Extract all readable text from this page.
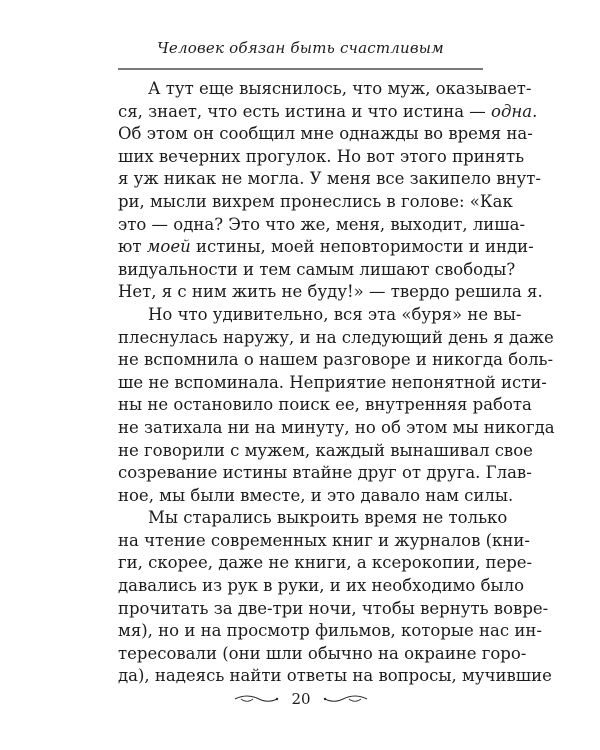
Человек обязан быть счастливым
А тут еще выяснилось, что муж, оказывает-
ся, знает, что есть истина и что истина — одна.
Об этом он сообщил мне однажды во время на-
ших вечерних прогулок. Но вот этого принять
я уж никак не могла. У меня все закипело внут-
ри, мысли вихрем пронеслись в голове: «Как
это — одна? Это что же, меня, выходит, лиша-
ют моей истины, моей неповторимости и инди-
видуальности и тем самым лишают свободы?
Нет, я с ним жить не буду!» — твердо решила я.
Но что удивительно, вся эта «буря» не вы-
плеснулась наружу, и на следующий день я даже
не вспомнила о нашем разговоре и никогда боль-
ше не вспоминала. Неприятие непонятной исти-
ны не остановило поиск ее, внутренняя работа
не затихала ни на минуту, но об этом мы никогда
не говорили с мужем, каждый вынашивал свое
созревание истины втайне друг от друга. Глав-
ное, мы были вместе, и это давало нам силы.
Мы старались выкроить время не только
на чтение современных книг и журналов (кни-
ги, скорее, даже не книги, а ксерокопии, пере-
давались из рук в руки, и их необходимо было
прочитать за две-три ночи, чтобы вернуть вовре-
мя), но и на просмотр фильмов, которые нас ин-
тересовали (они шли обычно на окраине горо-
да), надеясь найти ответы на вопросы, мучившие
20
